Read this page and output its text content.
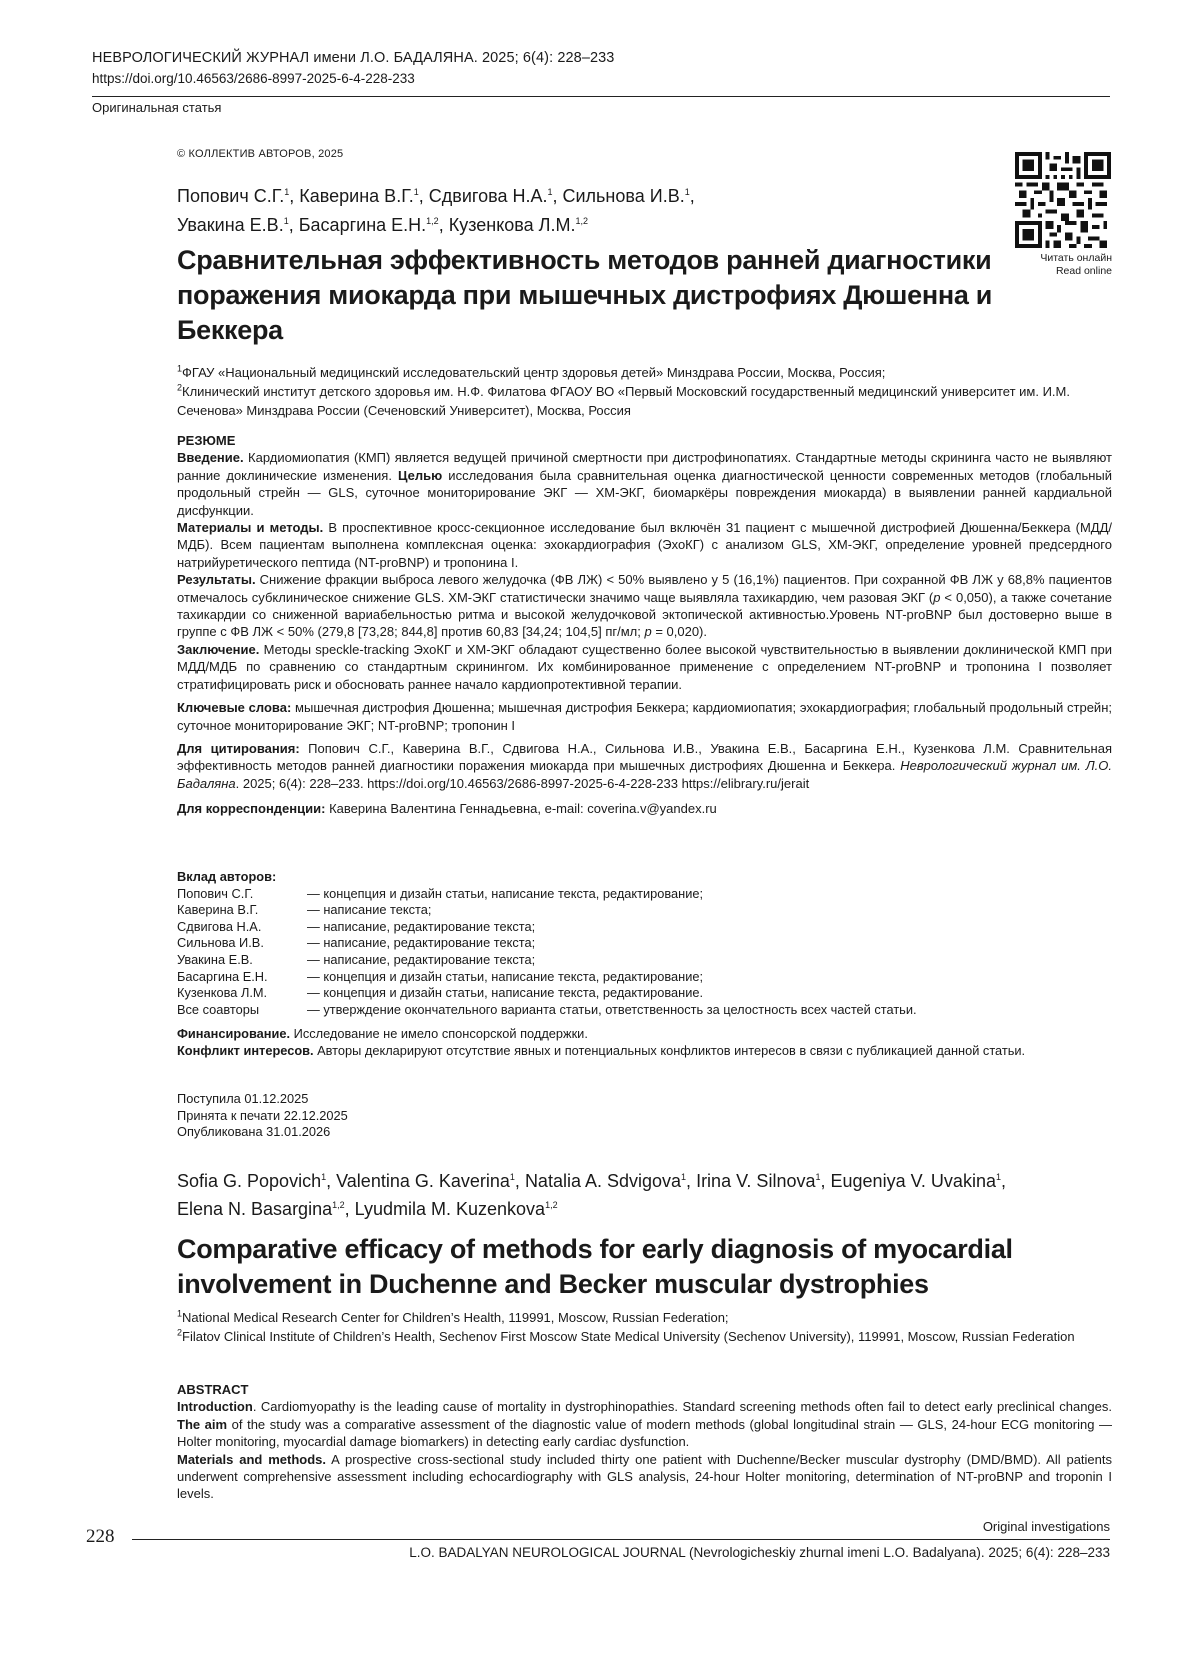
НЕВРОЛОГИЧЕСКИЙ ЖУРНАЛ имени Л.О. БАДАЛЯНА. 2025; 6(4): 228–233
https://doi.org/10.46563/2686-8997-2025-6-4-228-233
Оригинальная статья
© КОЛЛЕКТИВ АВТОРОВ, 2025
Читать онлайн
Read online
Попович С.Г.$^1$, Каверина В.Г.$^1$, Сдвигова Н.А.$^1$, Сильнова И.В.$^1$,
Увакина Е.В.$^1$, Басаргина Е.Н.$^{1,2}$, Кузенкова Л.М.$^{1,2}$
Сравнительная эффективность методов ранней диагностики поражения миокарда при мышечных дистрофиях Дюшенна и Беккера
$^1$ФГАУ «Национальный медицинский исследовательский центр здоровья детей» Минздрава России, Москва, Россия;
$^2$Клинический институт детского здоровья им. Н.Ф. Филатова ФГАОУ ВО «Первый Московский государственный медицинский университет им. И.М. Сеченова» Минздрава России (Сеченовский Университет), Москва, Россия

РЕЗЮМЕ

Введение. Кардиомиопатия (КМП) является ведущей причиной смертности при дистрофинопатиях. Стандартные методы скрининга часто не выявляют ранние доклинические изменения. Целью исследования была сравнительная оценка диагностической ценности современных методов (глобальный продольный стрейн — GLS, суточное мониторирование ЭКГ — ХМ-ЭКГ, биомаркёры повреждения миокарда) в выявлении ранней кардиальной дисфункции.

Материалы и методы. В проспективное кросс-секционное исследование был включён 31 пациент с мышечной дистрофией Дюшенна/Беккера (МДД/МДБ). Всем пациентам выполнена комплексная оценка: эхокардиография (ЭхоКГ) с анализом GLS, ХМ-ЭКГ, определение уровней предсердного натрийуретического пептида (NT-proBNP) и тропонина I.

Результаты. Снижение фракции выброса левого желудочка (ФВ ЛЖ) < 50% выявлено у 5 (16,1%) пациентов. При сохранной ФВ ЛЖ у 68,8% пациентов отмечалось субклиническое снижение GLS. ХМ-ЭКГ статистически значимо чаще выявляла тахикардию, чем разовая ЭКГ (p < 0,050), а также сочетание тахикардии со сниженной вариабельностью ритма и высокой желудочковой эктопической активностью.Уровень NT-proBNP был достоверно выше в группе с ФВ ЛЖ < 50% (279,8 [73,28; 844,8] против 60,83 [34,24; 104,5] пг/мл; p = 0,020).

Заключение. Методы speckle-tracking ЭхоКГ и ХМ-ЭКГ обладают существенно более высокой чувствительностью в выявлении доклинической КМП при МДД/МДБ по сравнению со стандартным скринингом. Их комбинированное применение с определением NT-proBNP и тропонина I позволяет стратифицировать риск и обосновать раннее начало кардиопротективной терапии.

Ключевые слова: мышечная дистрофия Дюшенна; мышечная дистрофия Беккера; кардиомиопатия; эхокардиография; глобальный продольный стрейн; суточное мониторирование ЭКГ; NT-proBNP; тропонин I

Для цитирования: Попович С.Г., Каверина В.Г., Сдвигова Н.А., Сильнова И.В., Увакина Е.В., Басаргина Е.Н., Кузенкова Л.М. Сравнительная эффективность методов ранней диагностики поражения миокарда при мышечных дистрофиях Дюшенна и Беккера. Неврологический журнал им. Л.О. Бадаляна. 2025; 6(4): 228–233. https://doi.org/10.46563/2686-8997-2025-6-4-228-233 https://elibrary.ru/jerait

Для корреспонденции: Каверина Валентина Геннадьевна, e-mail: coverina.v@yandex.ru

Вклад авторов:
Попович С.Г.	— концепция и дизайн статьи, написание текста, редактирование;
Каверина В.Г.	— написание текста;
Сдвигова Н.А.	— написание, редактирование текста;
Сильнова И.В.	— написание, редактирование текста;
Увакина Е.В.	— написание, редактирование текста;
Басаргина Е.Н.	— концепция и дизайн статьи, написание текста, редактирование;
Кузенкова Л.М.	— концепция и дизайн статьи, написание текста, редактирование.
Все соавторы	— утверждение окончательного варианта статьи, ответственность за целостность всех частей статьи.
Финансирование. Исследование не имело спонсорской поддержки.
Конфликт интересов. Авторы декларируют отсутствие явных и потенциальных конфликтов интересов в связи с публикацией данной статьи.
Поступила 01.12.2025
Принята к печати 22.12.2025
Опубликована 31.01.2026
Sofia G. Popovich$^1$, Valentina G. Kaverina$^1$, Natalia A. Sdvigova$^1$, Irina V. Silnova$^1$, Eugeniya V. Uvakina$^1$,
Elena N. Basargina$^{1,2}$, Lyudmila M. Kuzenkova$^{1,2}$
Comparative efficacy of methods for early diagnosis of myocardial involvement in Duchenne and Becker muscular dystrophies
$^1$National Medical Research Center for Children’s Health, 119991, Moscow, Russian Federation;
$^2$Filatov Clinical Institute of Children’s Health, Sechenov First Moscow State Medical University (Sechenov University), 119991, Moscow, Russian Federation

ABSTRACT

Introduction. Cardiomyopathy is the leading cause of mortality in dystrophinopathies. Standard screening methods often fail to detect early preclinical changes. The aim of the study was a comparative assessment of the diagnostic value of modern methods (global longitudinal strain — GLS, 24-hour ECG monitoring — Holter monitoring, myocardial damage biomarkers) in detecting early cardiac dysfunction.

Materials and methods. A prospective cross-sectional study included thirty one patient with Duchenne/Becker muscular dystrophy (DMD/BMD). All patients underwent comprehensive assessment including echocardiography with GLS analysis, 24-hour Holter monitoring, determination of NT-proBNP and troponin I levels.

Original investigations
228
L.O. BADALYAN NEUROLOGICAL JOURNAL (Nevrologicheskiy zhurnal imeni L.O. Badalyana). 2025; 6(4): 228–233
